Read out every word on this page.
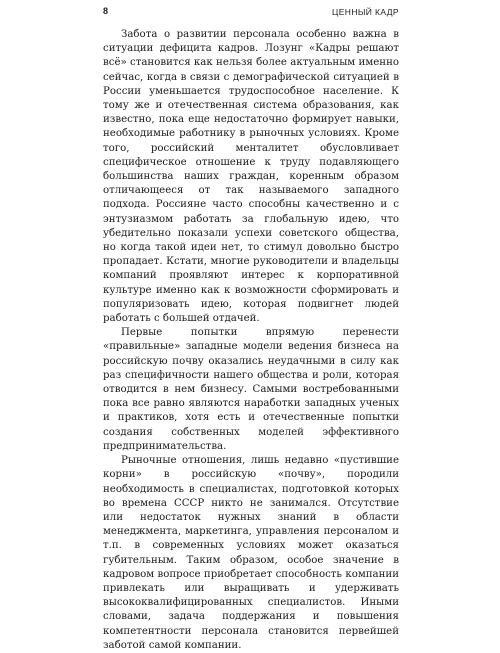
8	ЦЕННЫЙ КАДР

Забота о развитии персонала особенно важна в ситуации дефицита кадров. Лозунг «Кадры решают всё» становится как нельзя более актуальным именно сейчас, когда в связи с демографической ситуацией в России уменьшается трудоспособное население. К тому же и отечественная система образования, как известно, пока еще недостаточно формирует навыки, необходимые работнику в рыночных условиях. Кроме того, российский менталитет обусловливает специфическое отношение к труду подавляющего большинства наших граждан, коренным образом отличающееся от так называемого западного подхода. Россияне часто способны качественно и с энтузиазмом работать за глобальную идею, что убедительно показали успехи советского общества, но когда такой идеи нет, то стимул довольно быстро пропадает. Кстати, многие руководители и владельцы компаний проявляют интерес к корпоративной культуре именно как к возможности сформировать и популяризовать идею, которая подвигнет людей работать с большей отдачей.

Первые попытки впрямую перенести «правильные» западные модели ведения бизнеса на российскую почву оказались неудачными в силу как раз специфичности нашего общества и роли, которая отводится в нем бизнесу. Самыми востребованными пока все равно являются наработки западных ученых и практиков, хотя есть и отечественные попытки создания собственных моделей эффективного предпринимательства.

Рыночные отношения, лишь недавно «пустившие корни» в российскую «почву», породили необходимость в специалистах, подготовкой которых во времена СССР никто не занимался. Отсутствие или недостаток нужных знаний в области менеджмента, маркетинга, управления персоналом и т.п. в современных условиях может оказаться губительным. Таким образом, особое значение в кадровом вопросе приобретает способность компании привлекать или выращивать и удерживать высококвалифицированных специалистов. Иными словами, задача поддержания и повышения компетентности персонала становится первейшей заботой самой компании.
